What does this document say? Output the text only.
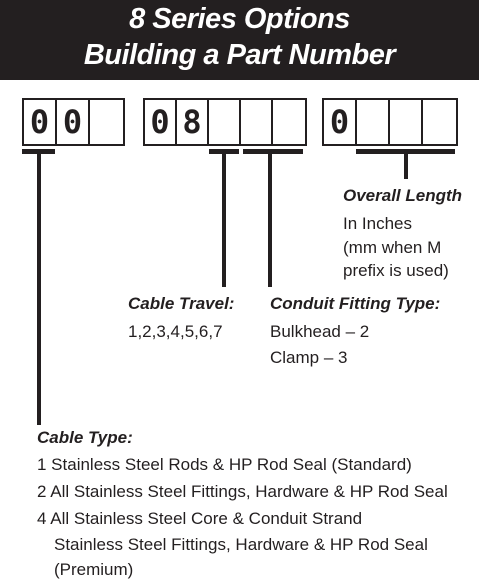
8 Series Options
Building a Part Number
0 0 0 8	0
Overall Length
In Inches
(mm when M
prefix is used)
Cable Travel:
1,2,3,4,5,6,7
Conduit Fitting Type:
Bulkhead – 2
Clamp – 3
Cable Type:
1 Stainless Steel Rods & HP Rod Seal (Standard)
2 All Stainless Steel Fittings, Hardware & HP Rod Seal
4 All Stainless Steel Core & Conduit Strand
Stainless Steel Fittings, Hardware & HP Rod Seal
(Premium)
